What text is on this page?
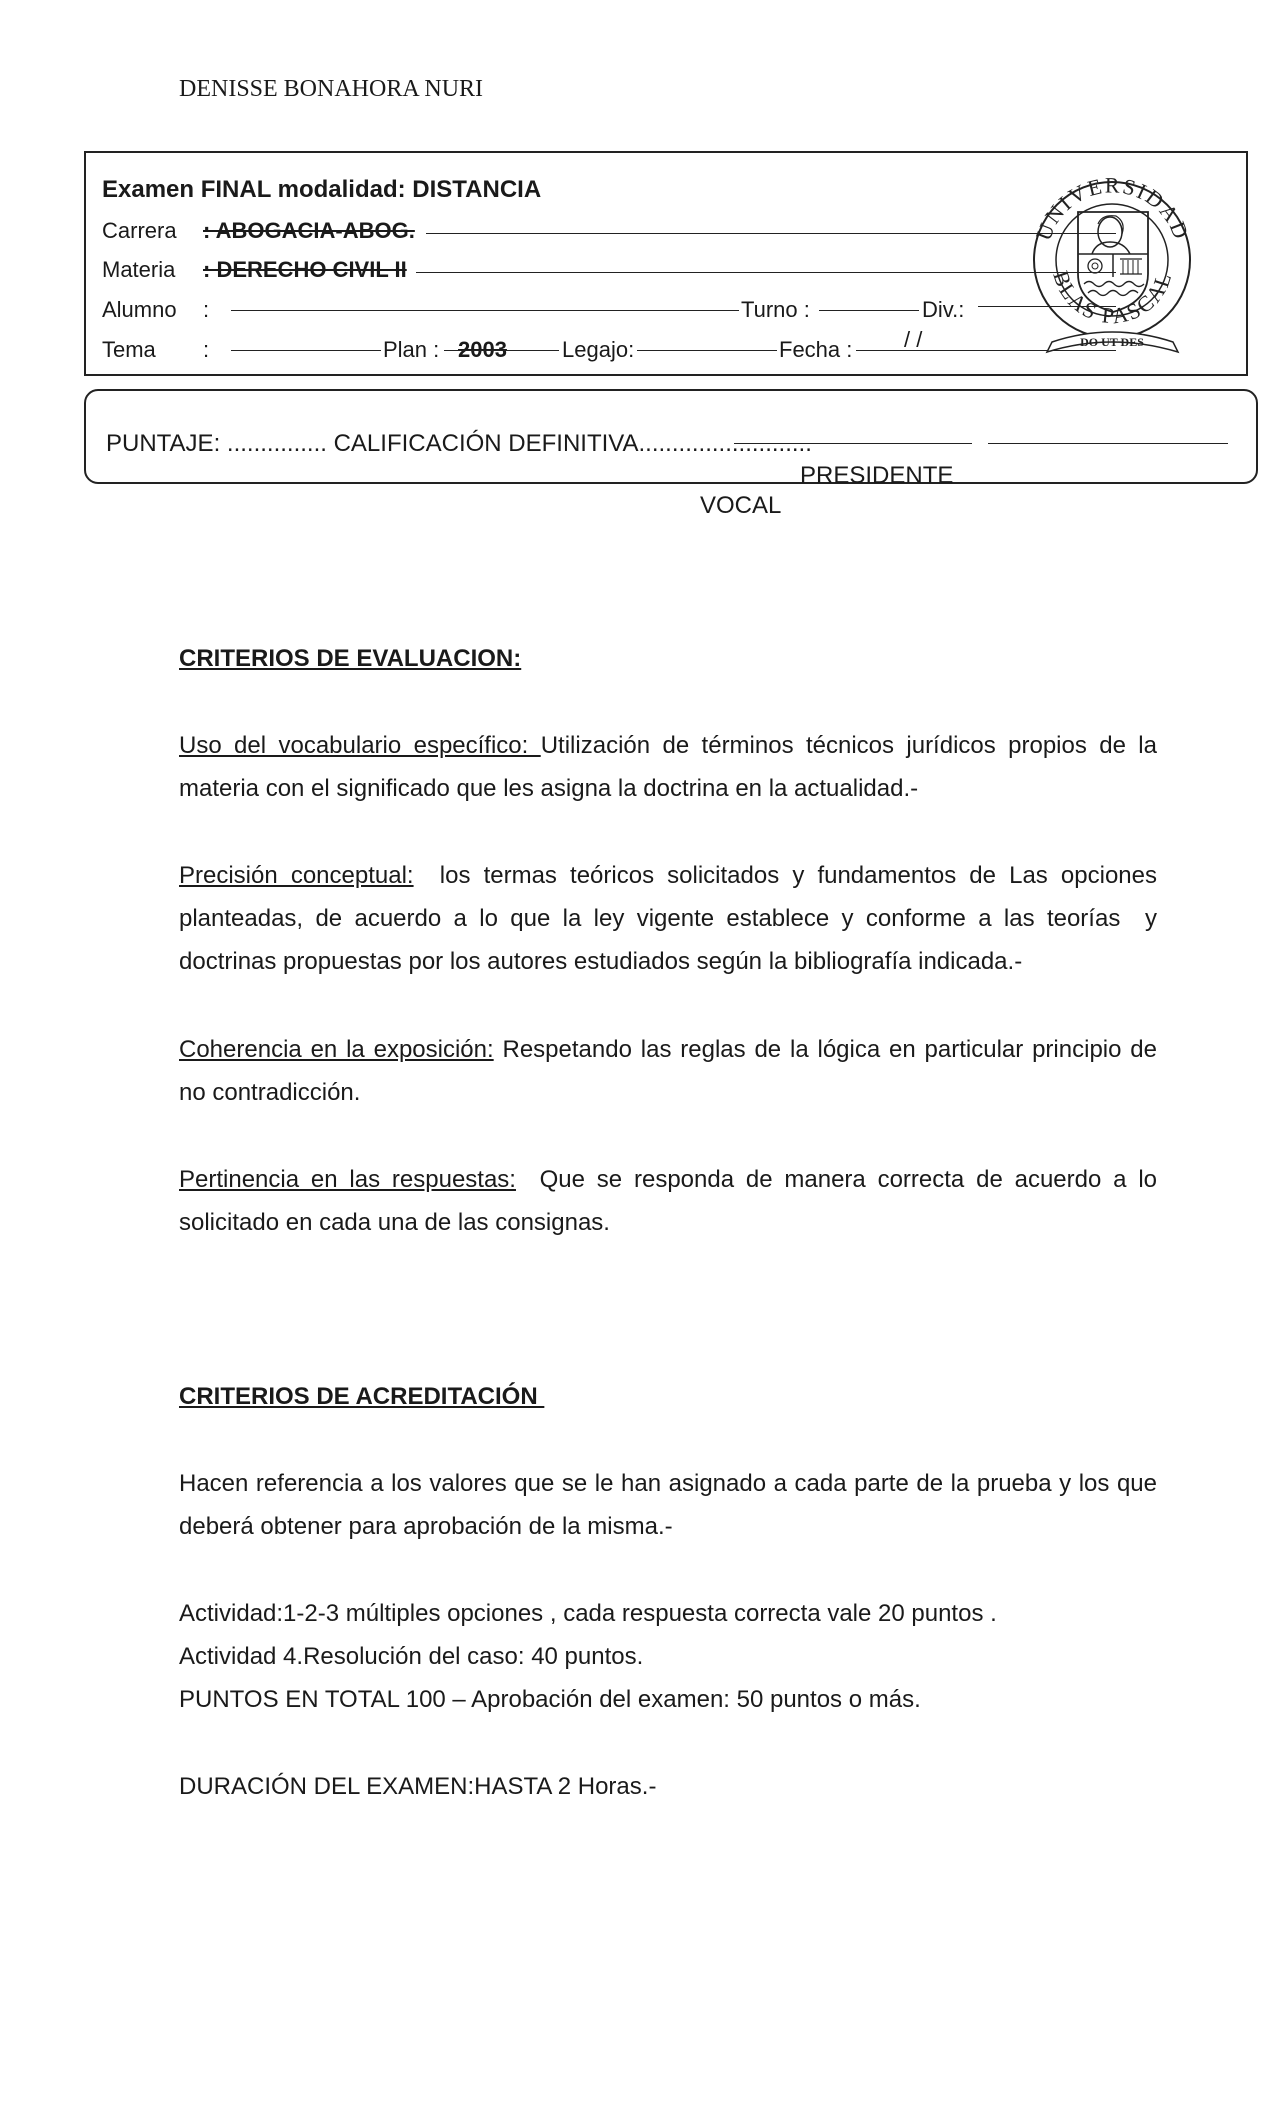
DENISSE BONAHORA NURI
Examen FINAL modalidad: DISTANCIA
Carrera : ABOGACIA-ABOG.
Materia : DERECHO CIVIL II
Alumno :	Turno :	Div.:
Tema :	Plan : 2003	Legajo:	Fecha : / /
UNIVERSIDAD
BLAS PASCAL
DO UT DES
PUNTAJE: ............... CALIFICACIÓN DEFINITIVA..........................
PRESIDENTE
VOCAL
CRITERIOS DE EVALUACION:
Uso del vocabulario específico: Utilización de términos técnicos jurídicos propios de la materia con el significado que les asigna la doctrina en la actualidad.-
Precisión conceptual:  los termas teóricos solicitados y fundamentos de Las opciones planteadas, de acuerdo a lo que la ley vigente establece y conforme a las teorías  y doctrinas propuestas por los autores estudiados según la bibliografía indicada.-
Coherencia en la exposición: Respetando las reglas de la lógica en particular principio de no contradicción.
Pertinencia en las respuestas:  Que se responda de manera correcta de acuerdo a lo solicitado en cada una de las consignas.
CRITERIOS DE ACREDITACIÓN
Hacen referencia a los valores que se le han asignado a cada parte de la prueba y los que deberá obtener para aprobación de la misma.-
Actividad:1-2-3 múltiples opciones , cada respuesta correcta vale 20 puntos .
Actividad 4.Resolución del caso: 40 puntos.
PUNTOS EN TOTAL 100 – Aprobación del examen: 50 puntos o más.
DURACIÓN DEL EXAMEN:HASTA 2 Horas.-
